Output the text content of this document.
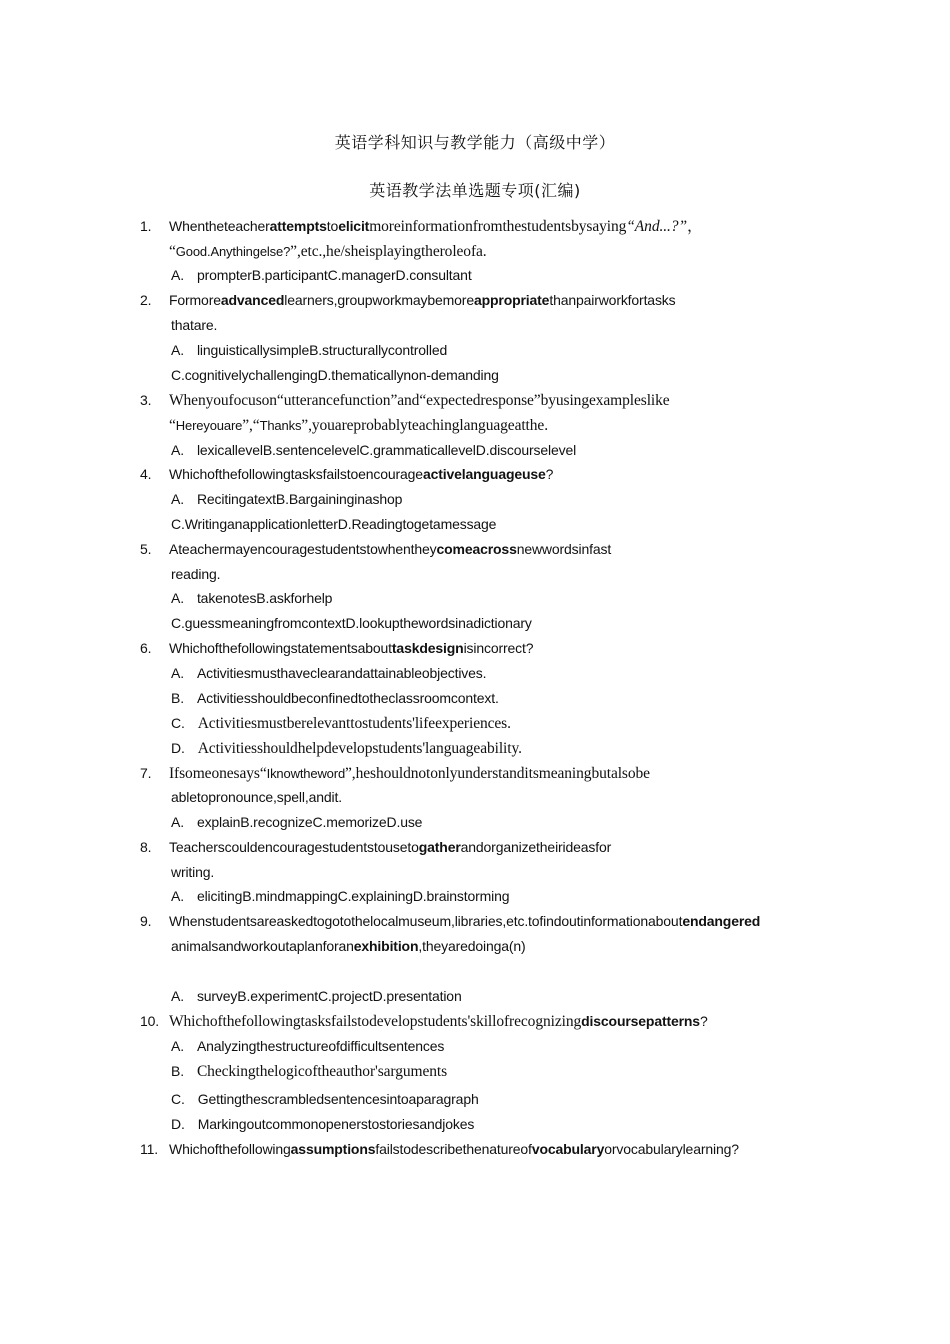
英语学科知识与教学能力（高级中学）
英语教学法单选题专项(汇编)
1.	Whentheteacherattemptstoelicitmoreinformationfromthestudentsbysaying“And...?”，
“Good.Anythingelse?”,etc.,he/sheisplayingtheroleofa.
A. prompterB.participantC.managerD.consultant
2.	Formoreadvancedlearners,groupworkmaybemoreappropriatethanpairworkfortasks
thatare.
A. linguisticallysimpleB.structurallycontrolled
C.cognitivelychallengingD.thematicallynon-demanding
3.	Whenyoufocuson“utterancefunction”and“expectedresponse”byusingexampleslike
“Hereyouare”,“Thanks”,youareprobablyteachinglanguageatthe.
A. lexicallevelB.sentencelevelC.grammaticallevelD.discourselevel
4.	Whichofthefollowingtasksfailstoencourageactivelanguageuse?
A. RecitingatextB.Bargaininginashop
C.WritinganapplicationletterD.Readingtogetamessage
5.	Ateachermayencouragestudentstowhentheycomeacrossnewwordsinfast
reading.
A. takenotesB.askforhelp
C.guessmeaningfromcontextD.lookupthewordsinadictionary
6.	Whichofthefollowingstatementsabouttaskdesignisincorrect?
A. Activitiesmusthaveclearandattainableobjectives.
B. Activitiesshouldbeconfinedtotheclassroomcontext.
C. Activitiesmustberelevanttostudents'lifeexperiences.
D. Activitiesshouldhelpdevelopstudents'languageability.
7.	Ifsomeonesays“Iknowtheword”,heshouldnotonlyunderstanditsmeaningbutalsobe
abletopronounce,spell,andit.
A. explainB.recognizeC.memorizeD.use
8.	Teacherscouldencouragestudentstousetogatherandorganizetheirideasfor
writing.
A. elicitingB.mindmappingC.explainingD.brainstorming
9.	Whenstudentsareaskedtogotothelocalmuseum,libraries,etc.tofindoutinformationaboutendangered
animalsandworkoutaplanforanexhibition,theyaredoinga(n)
A. surveyB.experimentC.projectD.presentation
10. Whichofthefollowingtasksfailstodevelopstudents'skillofrecognizingdiscoursepatterns?
A. Analyzingthestructureofdifficultsentences
B. Checkingthelogicoftheauthor'sarguments
C. Gettingthescrambledsentencesintoaparagraph
D. Markingoutcommonopenerstostoriesandjokes
11. Whichofthefollowingassumptionsfailstodescribethenatureofvocabularyorvocabularylearning?
